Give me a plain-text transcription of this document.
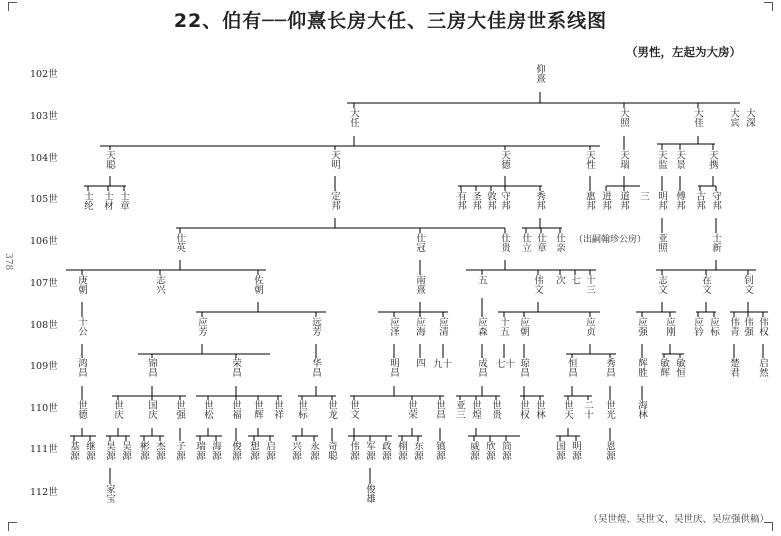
22、伯有──仰熹长房大任、三房大佳房世系线图
（男性，左起为大房）
（吴世煌、吴世文、吴世庆、吴应强供稿）
378
102世
103世
104世
105世
106世
107世
108世
109世
110世
111世
112世
仰熹
大任	大照	大佳	大宾 大深
天聪	天明	天德	天性 天瑞	天监 天景 天携
士纶 士材 士章	定邦	有邦 圣邦 敦邦 守邦	秀邦	惠邦 进邦 道邦 三 明邦 傅邦 古邦 守邦
仕英	仕冠	仕贵 仕立 仕章 仕亲 （出嗣翰珍公房） 亚照	士新
庚朝	志兴	佐朝	南熹	五	伟文 次 七 十三	志文	在文	钊文
十公	应芳	远芳	应泽 应海 应清	应森 十五 应朝	应贞	应强 应刚 应钤 应标 伟青 伟强 伟权
鸿昌	锦昌	荣昌	华昌	明昌 四 九十	成昌 七十 琼昌	恒昌	秀昌 辉胜 敏辉 敏恒	楚君 启然
世德	世庆 国庆 世强 世松 世福 世辉 世祥 世标 世龙 世文	世荣 世昌 亚三 世煌 世贵 世权 世林 世天 二十 世光 海林
基源 继源 昊源 吴源 彬源 杰源 子源 瑞源 海源 俊源 想源 启源 兴源 永源 奇聪 伟源 军源 政源 栩源 东源 镇源 威源 欣源 筒源	国源 明源 恩源
家宝	俊雄
